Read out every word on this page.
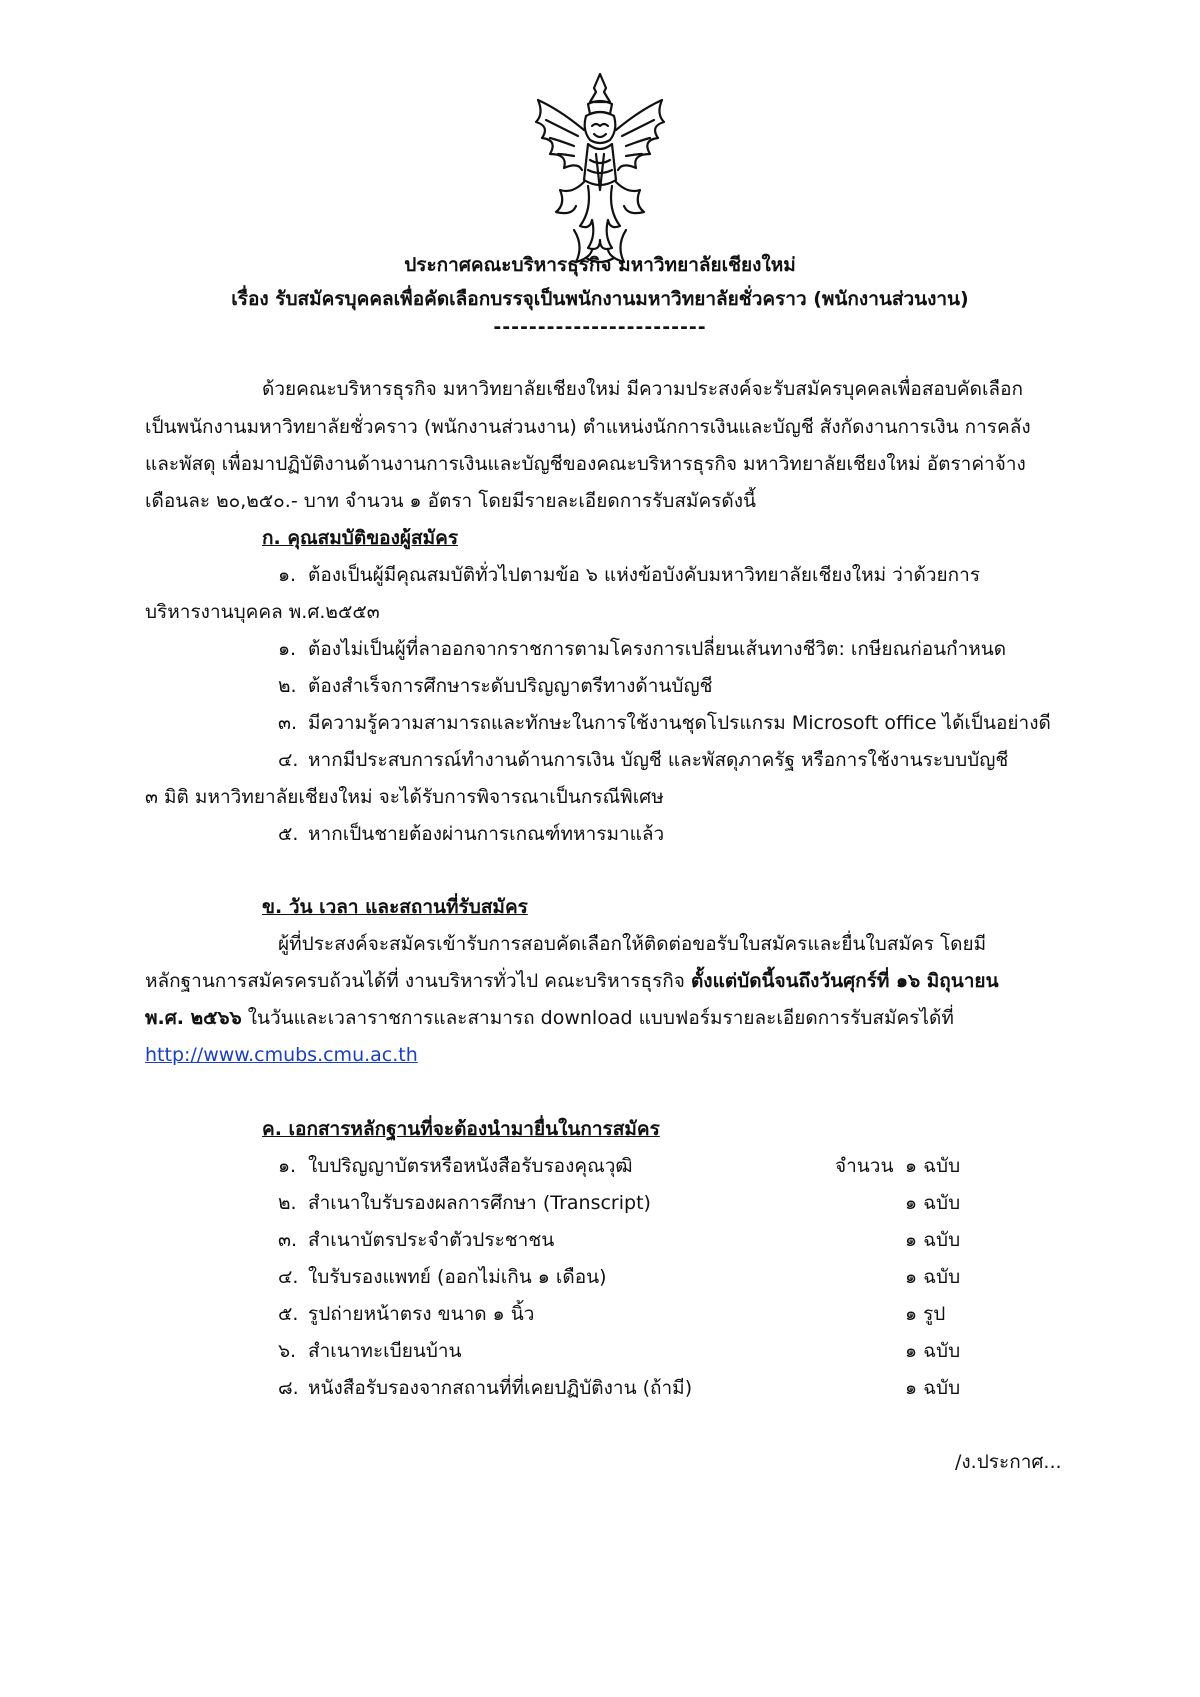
ประกาศคณะบริหารธุรกิจ มหาวิทยาลัยเชียงใหม่
เรื่อง รับสมัครบุคคลเพื่อคัดเลือกบรรจุเป็นพนักงานมหาวิทยาลัยชั่วคราว (พนักงานส่วนงาน)
------------------------
ด้วยคณะบริหารธุรกิจ มหาวิทยาลัยเชียงใหม่ มีความประสงค์จะรับสมัครบุคคลเพื่อสอบคัดเลือก
เป็นพนักงานมหาวิทยาลัยชั่วคราว (พนักงานส่วนงาน) ตำแหน่งนักการเงินและบัญชี สังกัดงานการเงิน การคลัง
และพัสดุ เพื่อมาปฏิบัติงานด้านงานการเงินและบัญชีของคณะบริหารธุรกิจ มหาวิทยาลัยเชียงใหม่ อัตราค่าจ้าง
เดือนละ ๒๐,๒๕๐.- บาท จำนวน ๑ อัตรา โดยมีรายละเอียดการรับสมัครดังนี้
ก. คุณสมบัติของผู้สมัคร
๑. ต้องเป็นผู้มีคุณสมบัติทั่วไปตามข้อ ๖ แห่งข้อบังคับมหาวิทยาลัยเชียงใหม่ ว่าด้วยการ
บริหารงานบุคคล พ.ศ.๒๕๕๓
๑. ต้องไม่เป็นผู้ที่ลาออกจากราชการตามโครงการเปลี่ยนเส้นทางชีวิต: เกษียณก่อนกำหนด
๒. ต้องสำเร็จการศึกษาระดับปริญญาตรีทางด้านบัญชี
๓. มีความรู้ความสามารถและทักษะในการใช้งานชุดโปรแกรม Microsoft office ได้เป็นอย่างดี
๔. หากมีประสบการณ์ทำงานด้านการเงิน บัญชี และพัสดุภาครัฐ หรือการใช้งานระบบบัญชี
๓ มิติ มหาวิทยาลัยเชียงใหม่ จะได้รับการพิจารณาเป็นกรณีพิเศษ
๕. หากเป็นชายต้องผ่านการเกณฑ์ทหารมาแล้ว
ข. วัน เวลา และสถานที่รับสมัคร
ผู้ที่ประสงค์จะสมัครเข้ารับการสอบคัดเลือกให้ติดต่อขอรับใบสมัครและยื่นใบสมัคร โดยมี
หลักฐานการสมัครครบถ้วนได้ที่ งานบริหารทั่วไป คณะบริหารธุรกิจ ตั้งแต่บัดนี้จนถึงวันศุกร์ที่ ๑๖ มิถุนายน
พ.ศ. ๒๕๖๖ ในวันและเวลาราชการและสามารถ download แบบฟอร์มรายละเอียดการรับสมัครได้ที่
http://www.cmubs.cmu.ac.th
ค. เอกสารหลักฐานที่จะต้องนำมายื่นในการสมัคร
๑. ใบปริญญาบัตรหรือหนังสือรับรองคุณวุฒิ	จำนวน ๑ ฉบับ
๒. สำเนาใบรับรองผลการศึกษา (Transcript)	๑ ฉบับ
๓. สำเนาบัตรประจำตัวประชาชน	๑ ฉบับ
๔. ใบรับรองแพทย์ (ออกไม่เกิน ๑ เดือน)	๑ ฉบับ
๕. รูปถ่ายหน้าตรง ขนาด ๑ นิ้ว	๑ รูป
๖. สำเนาทะเบียนบ้าน	๑ ฉบับ
๘. หนังสือรับรองจากสถานที่ที่เคยปฏิบัติงาน (ถ้ามี)	๑ ฉบับ
/ง.ประกาศ...
